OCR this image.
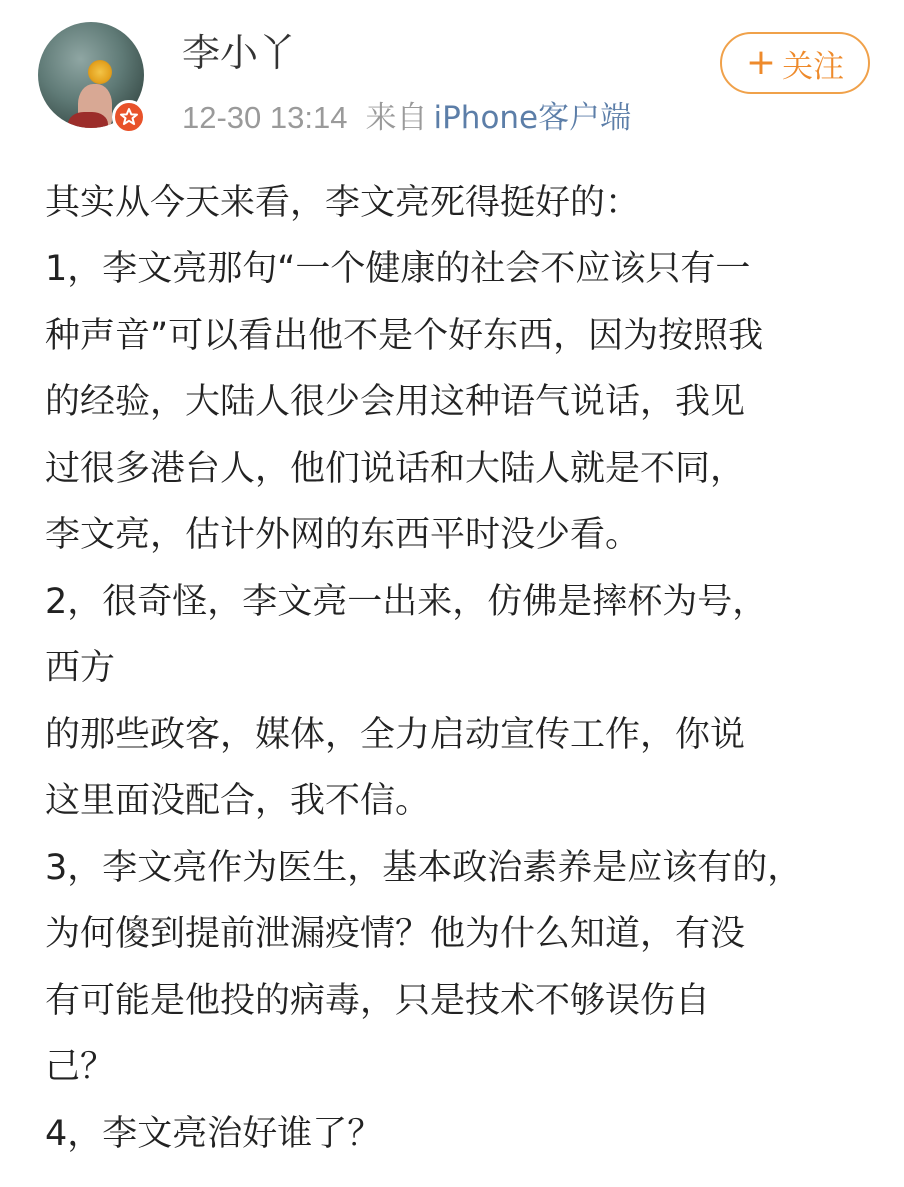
李小丫
12-30 13:14 来自 iPhone客户端
+ 关注
其实从今天来看，李文亮死得挺好的：
1，李文亮那句“一个健康的社会不应该只有一
种声音”可以看出他不是个好东西，因为按照我
的经验，大陆人很少会用这种语气说话，我见
过很多港台人，他们说话和大陆人就是不同，
李文亮，估计外网的东西平时没少看。
2，很奇怪，李文亮一出来，仿佛是摔杯为号，
西方
的那些政客，媒体，全力启动宣传工作，你说
这里面没配合，我不信。
3，李文亮作为医生，基本政治素养是应该有的，
为何傻到提前泄漏疫情？他为什么知道，有没
有可能是他投的病毒，只是技术不够误伤自
己？
4，李文亮治好谁了？
